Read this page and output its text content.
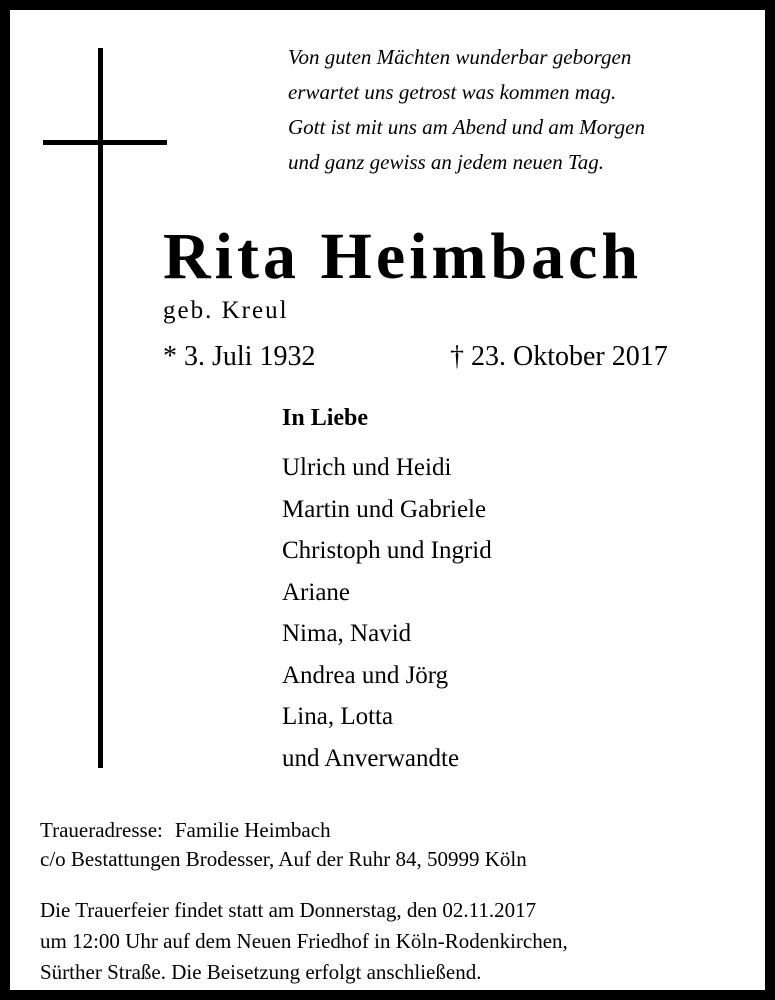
Von guten Mächten wunderbar geborgen
erwartet uns getrost was kommen mag.
Gott ist mit uns am Abend und am Morgen
und ganz gewiss an jedem neuen Tag.
Rita Heimbach
geb. Kreul
* 3. Juli 1932	† 23. Oktober 2017
In Liebe
Ulrich und Heidi
Martin und Gabriele
Christoph und Ingrid
Ariane
Nima, Navid
Andrea und Jörg
Lina, Lotta
und Anverwandte
Traueradresse: Familie Heimbach
c/o Bestattungen Brodesser, Auf der Ruhr 84, 50999 Köln
Die Trauerfeier findet statt am Donnerstag, den 02.11.2017
um 12:00 Uhr auf dem Neuen Friedhof in Köln-Rodenkirchen,
Sürther Straße. Die Beisetzung erfolgt anschließend.
